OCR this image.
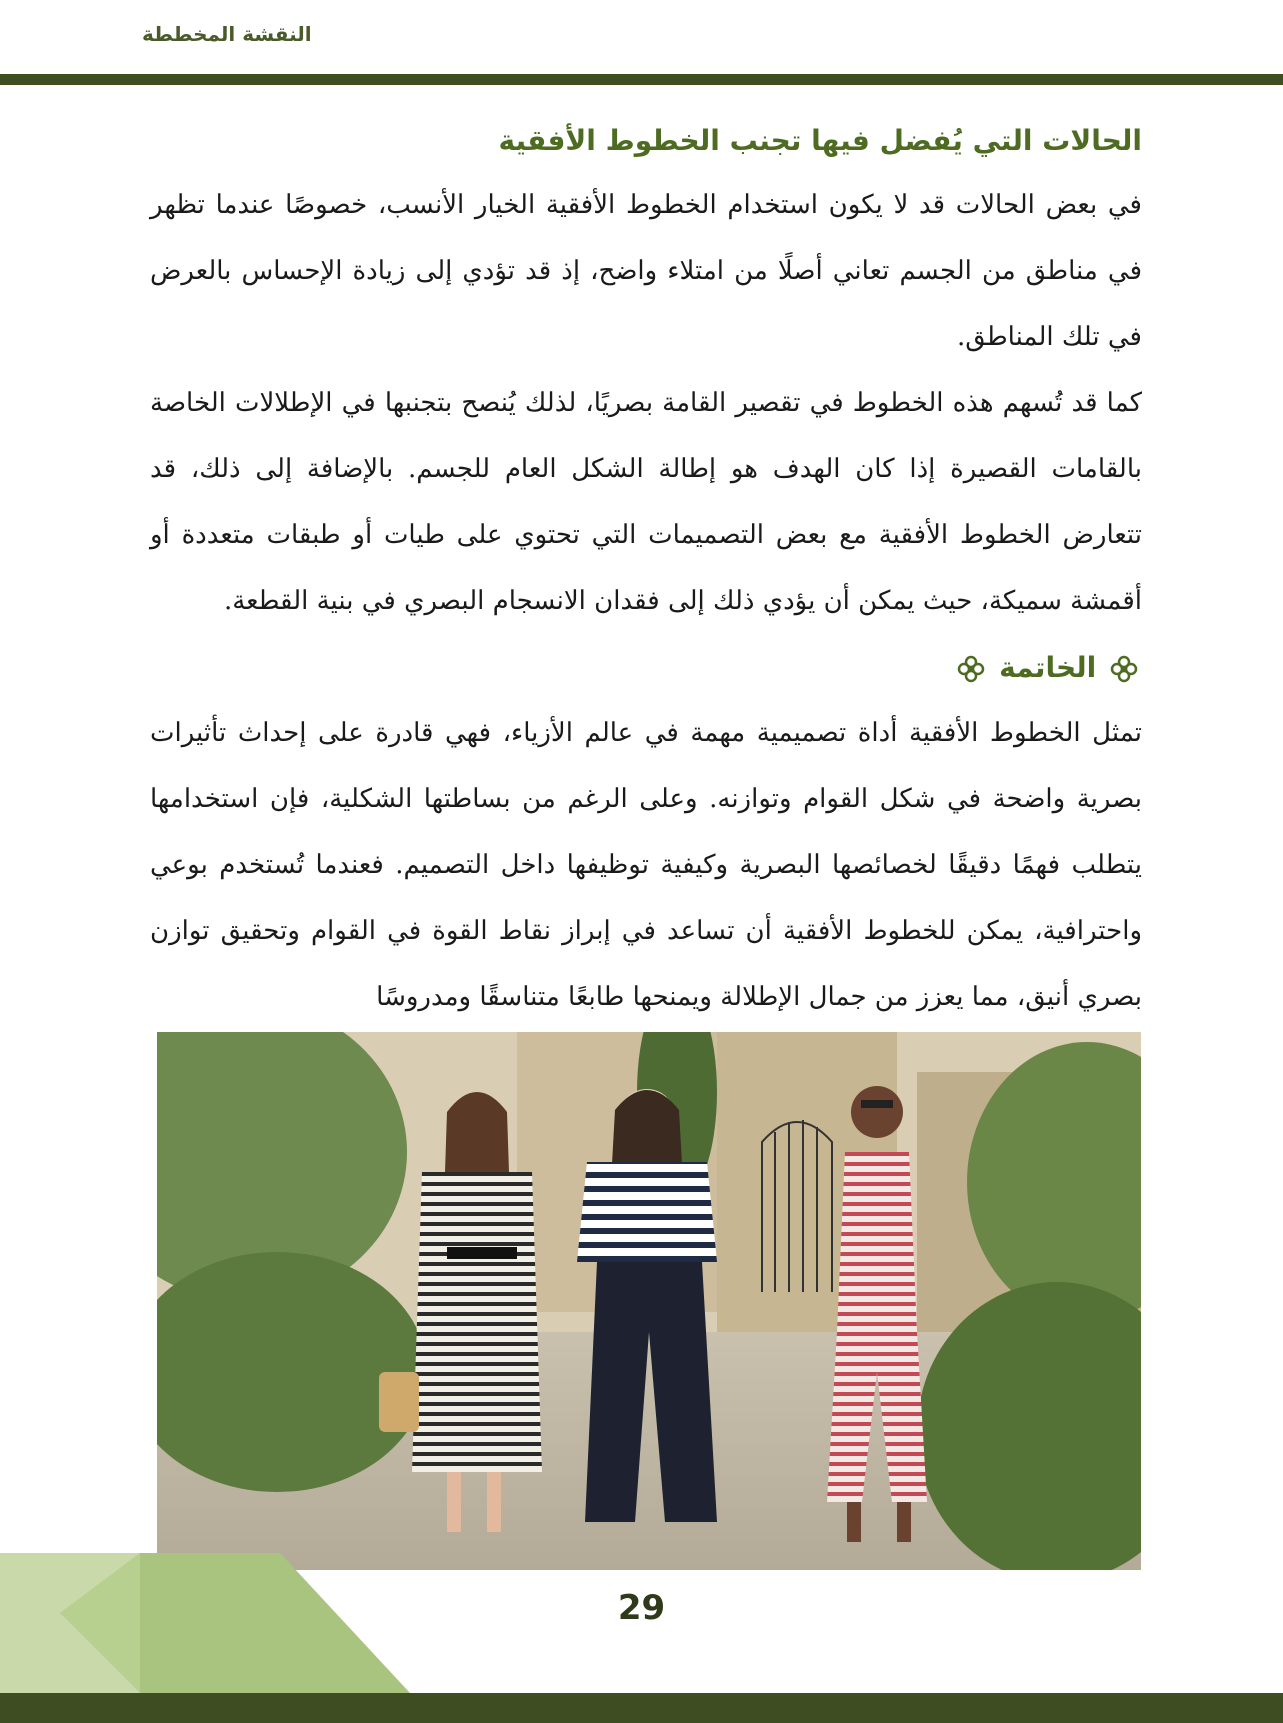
النقشة المخططة
الحالات التي يُفضل فيها تجنب الخطوط الأفقية

في بعض الحالات قد لا يكون استخدام الخطوط الأفقية الخيار الأنسب، خصوصًا عندما تظهر في مناطق من الجسم تعاني أصلًا من امتلاء واضح، إذ قد تؤدي إلى زيادة الإحساس بالعرض في تلك المناطق.

كما قد تُسهم هذه الخطوط في تقصير القامة بصريًا، لذلك يُنصح بتجنبها في الإطلالات الخاصة بالقامات القصيرة إذا كان الهدف هو إطالة الشكل العام للجسم. بالإضافة إلى ذلك، قد تتعارض الخطوط الأفقية مع بعض التصميمات التي تحتوي على طيات أو طبقات متعددة أو أقمشة سميكة، حيث يمكن أن يؤدي ذلك إلى فقدان الانسجام البصري في بنية القطعة.

الخاتمة

تمثل الخطوط الأفقية أداة تصميمية مهمة في عالم الأزياء، فهي قادرة على إحداث تأثيرات بصرية واضحة في شكل القوام وتوازنه. وعلى الرغم من بساطتها الشكلية، فإن استخدامها يتطلب فهمًا دقيقًا لخصائصها البصرية وكيفية توظيفها داخل التصميم. فعندما تُستخدم بوعي واحترافية، يمكن للخطوط الأفقية أن تساعد في إبراز نقاط القوة في القوام وتحقيق توازن بصري أنيق، مما يعزز من جمال الإطلالة ويمنحها طابعًا متناسقًا ومدروسًا

29
